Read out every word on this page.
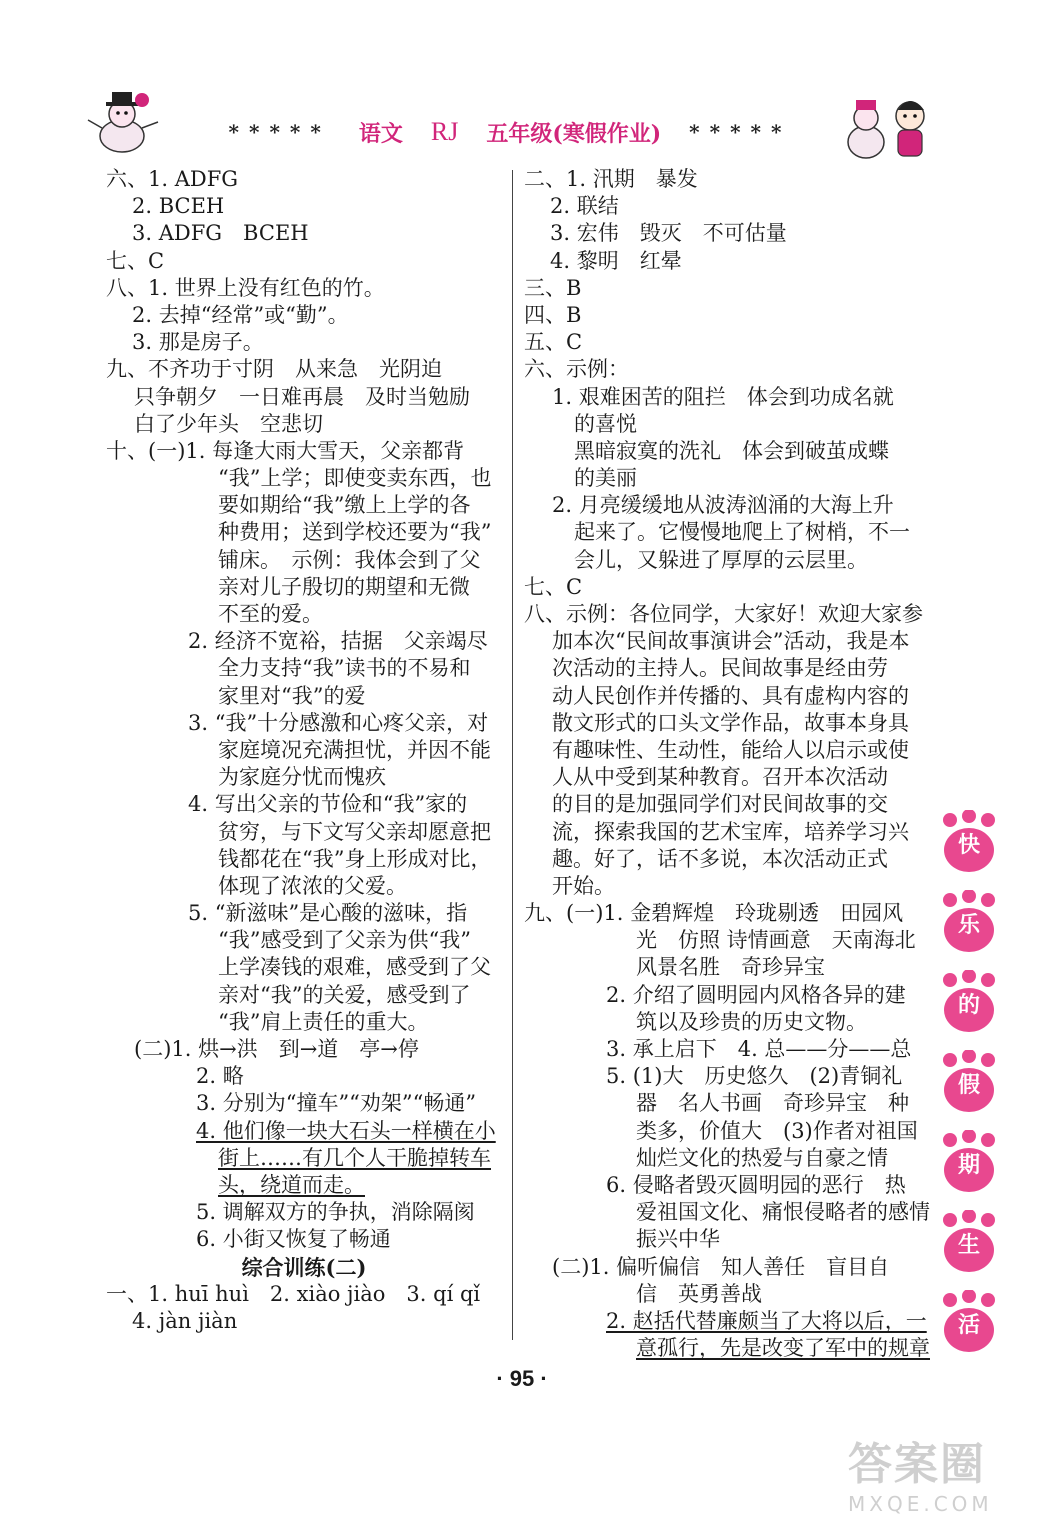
***** 语文 RJ 五年级(寒假作业) *****
六、1. ADFG
2. BCEH
3. ADFG　BCEH
七、C
八、1. 世界上没有红色的竹。
2. 去掉“经常”或“勤”。
3. 那是房子。
九、不齐功于寸阴　从来急　光阴迫
只争朝夕　一日难再晨　及时当勉励
白了少年头　空悲切
十、(一)1. 每逢大雨大雪天，父亲都背
“我”上学；即使变卖东西，也
要如期给“我”缴上上学的各
种费用；送到学校还要为“我”
铺床。　示例：我体会到了父
亲对儿子殷切的期望和无微
不至的爱。
2. 经济不宽裕，拮据　父亲竭尽
全力支持“我”读书的不易和
家里对“我”的爱
3. “我”十分感激和心疼父亲，对
家庭境况充满担忧，并因不能
为家庭分忧而愧疚
4. 写出父亲的节俭和“我”家的
贫穷，与下文写父亲却愿意把
钱都花在“我”身上形成对比，
体现了浓浓的父爱。
5. “新滋味”是心酸的滋味，指
“我”感受到了父亲为供“我”
上学凑钱的艰难，感受到了父
亲对“我”的关爱，感受到了
“我”肩上责任的重大。
(二)1. 烘→洪　到→道　亭→停
2. 略
3. 分别为“撞车”“劝架”“畅通”
4. 他们像一块大石头一样横在小
街上……有几个人干脆掉转车
头，绕道而走。
5. 调解双方的争执，消除隔阂
6. 小街又恢复了畅通
综合训练(二)
一、1. huī huì　2. xiào jiào　3. qí qǐ
4. jàn jiàn
二、1. 汛期　暴发
2. 联结
3. 宏伟　毁灭　不可估量
4. 黎明　红晕
三、B
四、B
五、C
六、示例：
1. 艰难困苦的阻拦　体会到功成名就
的喜悦
黑暗寂寞的洗礼　体会到破茧成蝶
的美丽
2. 月亮缓缓地从波涛汹涌的大海上升
起来了。它慢慢地爬上了树梢，不一
会儿，又躲进了厚厚的云层里。
七、C
八、示例：各位同学，大家好！欢迎大家参
加本次“民间故事演讲会”活动，我是本
次活动的主持人。民间故事是经由劳
动人民创作并传播的、具有虚构内容的
散文形式的口头文学作品，故事本身具
有趣味性、生动性，能给人以启示或使
人从中受到某种教育。召开本次活动
的目的是加强同学们对民间故事的交
流，探索我国的艺术宝库，培养学习兴
趣。好了，话不多说，本次活动正式
开始。
九、(一)1. 金碧辉煌　玲珑剔透　田园风
光　仿照 诗情画意　天南海北
风景名胜　奇珍异宝
2. 介绍了圆明园内风格各异的建
筑以及珍贵的历史文物。
3. 承上启下　4. 总——分——总
5. (1)大　历史悠久　(2)青铜礼
器　名人书画　奇珍异宝　种
类多，价值大　(3)作者对祖国
灿烂文化的热爱与自豪之情
6. 侵略者毁灭圆明园的恶行　热
爱祖国文化、痛恨侵略者的感情
振兴中华
(二)1. 偏听偏信　知人善任　盲目自
信　英勇善战
2. 赵括代替廉颇当了大将以后，一
意孤行，先是改变了军中的规章
· 95 ·
快
乐
的
假
期
生
活
答案圈
MXQE.COM
